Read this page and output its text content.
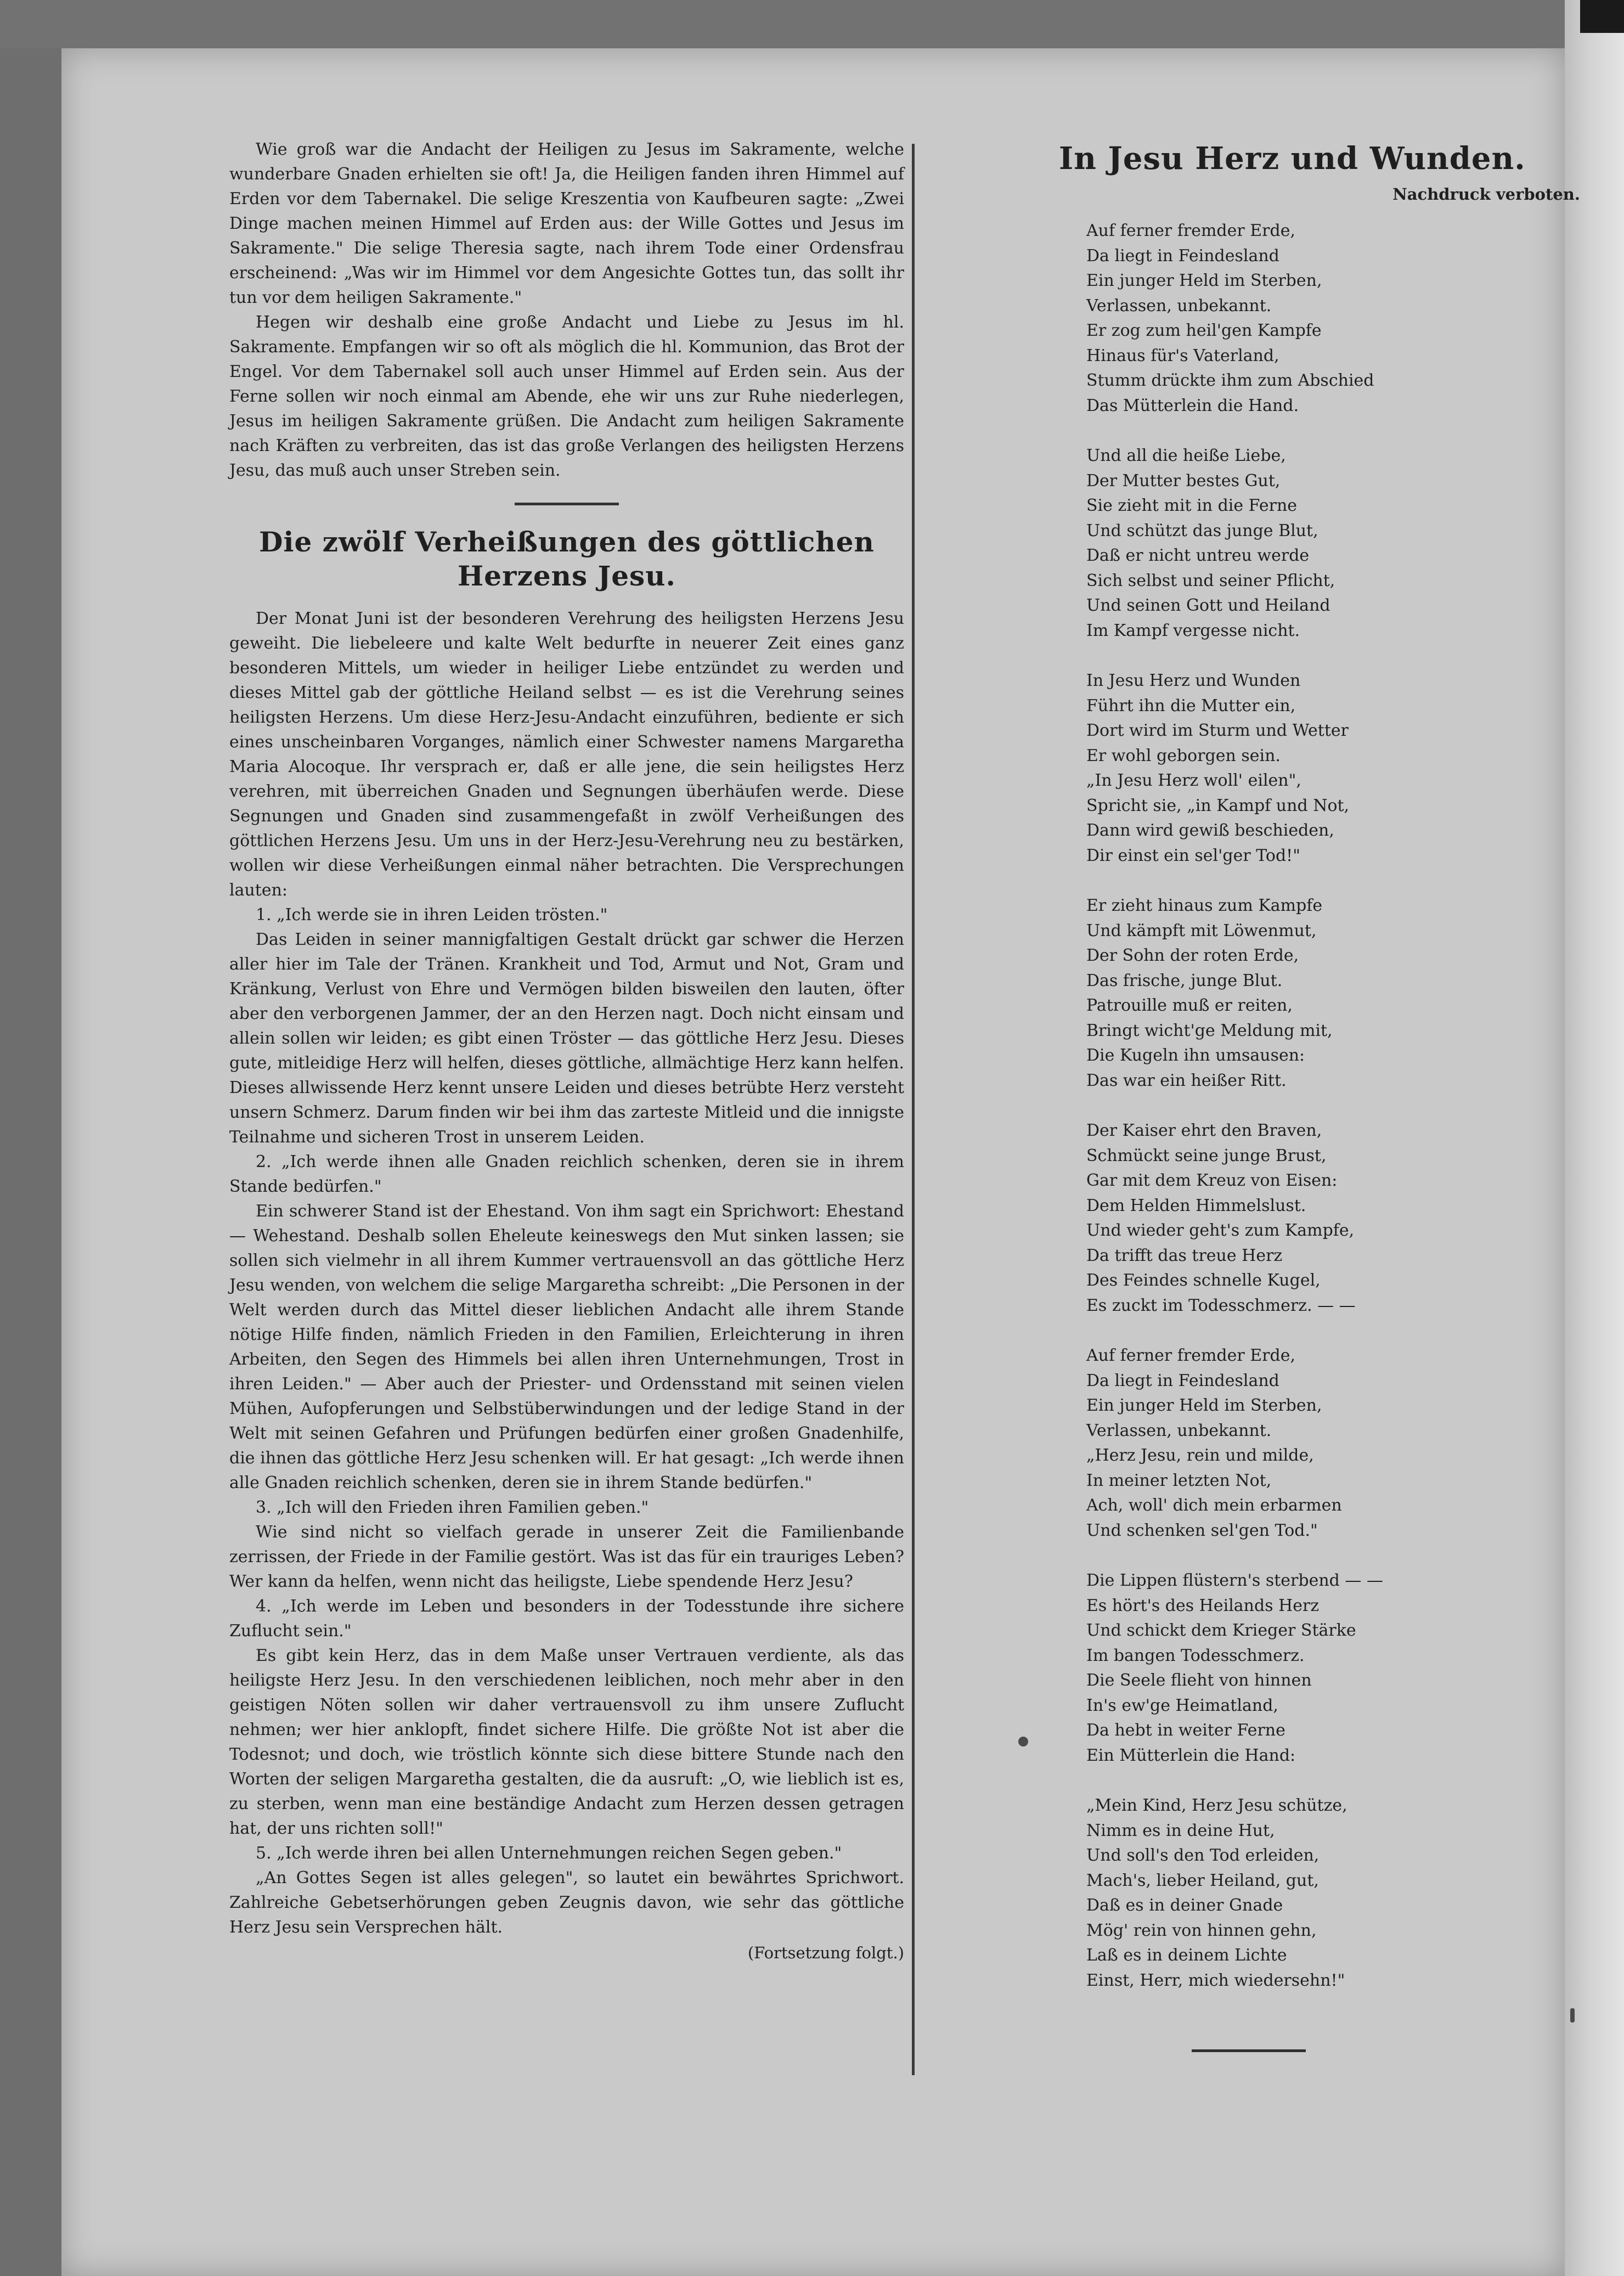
Wie groß war die Andacht der Heiligen zu Jesus im Sakramente, welche wunderbare Gnaden erhielten sie oft! Ja, die Heiligen fanden ihren Himmel auf Erden vor dem Tabernakel. Die selige Kreszentia von Kaufbeuren sagte: „Zwei Dinge machen meinen Himmel auf Erden aus: der Wille Gottes und Jesus im Sakramente." Die selige Theresia sagte, nach ihrem Tode einer Ordensfrau erscheinend: „Was wir im Himmel vor dem Angesichte Gottes tun, das sollt ihr tun vor dem heiligen Sakramente."

Hegen wir deshalb eine große Andacht und Liebe zu Jesus im hl. Sakramente. Empfangen wir so oft als möglich die hl. Kommunion, das Brot der Engel. Vor dem Tabernakel soll auch unser Himmel auf Erden sein. Aus der Ferne sollen wir noch einmal am Abende, ehe wir uns zur Ruhe niederlegen, Jesus im heiligen Sakramente grüßen. Die Andacht zum heiligen Sakramente nach Kräften zu verbreiten, das ist das große Verlangen des heiligsten Herzens Jesu, das muß auch unser Streben sein.

Die zwölf Verheißungen des göttlichen
Herzens Jesu.

Der Monat Juni ist der besonderen Verehrung des heiligsten Herzens Jesu geweiht. Die liebeleere und kalte Welt bedurfte in neuerer Zeit eines ganz besonderen Mittels, um wieder in heiliger Liebe entzündet zu werden und dieses Mittel gab der göttliche Heiland selbst — es ist die Verehrung seines heiligsten Herzens. Um diese Herz-Jesu-Andacht einzuführen, bediente er sich eines unscheinbaren Vorganges, nämlich einer Schwester namens Margaretha Maria Alocoque. Ihr versprach er, daß er alle jene, die sein heiligstes Herz verehren, mit überreichen Gnaden und Segnungen überhäufen werde. Diese Segnungen und Gnaden sind zusammengefaßt in zwölf Verheißungen des göttlichen Herzens Jesu. Um uns in der Herz-Jesu-Verehrung neu zu bestärken, wollen wir diese Verheißungen einmal näher betrachten. Die Versprechungen lauten:

1. „Ich werde sie in ihren Leiden trösten."

Das Leiden in seiner mannigfaltigen Gestalt drückt gar schwer die Herzen aller hier im Tale der Tränen. Krankheit und Tod, Armut und Not, Gram und Kränkung, Verlust von Ehre und Vermögen bilden bisweilen den lauten, öfter aber den verborgenen Jammer, der an den Herzen nagt. Doch nicht einsam und allein sollen wir leiden; es gibt einen Tröster — das göttliche Herz Jesu. Dieses gute, mitleidige Herz will helfen, dieses göttliche, allmächtige Herz kann helfen. Dieses allwissende Herz kennt unsere Leiden und dieses betrübte Herz versteht unsern Schmerz. Darum finden wir bei ihm das zarteste Mitleid und die innigste Teilnahme und sicheren Trost in unserem Leiden.

2. „Ich werde ihnen alle Gnaden reichlich schenken, deren sie in ihrem Stande bedürfen."

Ein schwerer Stand ist der Ehestand. Von ihm sagt ein Sprichwort: Ehestand — Wehestand. Deshalb sollen Eheleute keineswegs den Mut sinken lassen; sie sollen sich vielmehr in all ihrem Kummer vertrauensvoll an das göttliche Herz Jesu wenden, von welchem die selige Margaretha schreibt: „Die Personen in der Welt werden durch das Mittel dieser lieblichen Andacht alle ihrem Stande nötige Hilfe finden, nämlich Frieden in den Familien, Erleichterung in ihren Arbeiten, den Segen des Himmels bei allen ihren Unternehmungen, Trost in ihren Leiden." — Aber auch der Priester- und Ordensstand mit seinen vielen Mühen, Aufopferungen und Selbstüberwindungen und der ledige Stand in der Welt mit seinen Gefahren und Prüfungen bedürfen einer großen Gnadenhilfe, die ihnen das göttliche Herz Jesu schenken will. Er hat gesagt: „Ich werde ihnen alle Gnaden reichlich schenken, deren sie in ihrem Stande bedürfen."

3. „Ich will den Frieden ihren Familien geben."

Wie sind nicht so vielfach gerade in unserer Zeit die Familienbande zerrissen, der Friede in der Familie gestört. Was ist das für ein trauriges Leben? Wer kann da helfen, wenn nicht das heiligste, Liebe spendende Herz Jesu?

4. „Ich werde im Leben und besonders in der Todesstunde ihre sichere Zuflucht sein."

Es gibt kein Herz, das in dem Maße unser Vertrauen verdiente, als das heiligste Herz Jesu. In den verschiedenen leiblichen, noch mehr aber in den geistigen Nöten sollen wir daher vertrauensvoll zu ihm unsere Zuflucht nehmen; wer hier anklopft, findet sichere Hilfe. Die größte Not ist aber die Todesnot; und doch, wie tröstlich könnte sich diese bittere Stunde nach den Worten der seligen Margaretha gestalten, die da ausruft: „O, wie lieblich ist es, zu sterben, wenn man eine beständige Andacht zum Herzen dessen getragen hat, der uns richten soll!"

5. „Ich werde ihren bei allen Unternehmungen reichen Segen geben."

„An Gottes Segen ist alles gelegen", so lautet ein bewährtes Sprichwort. Zahlreiche Gebetserhörungen geben Zeugnis davon, wie sehr das göttliche Herz Jesu sein Versprechen hält.

(Fortsetzung folgt.)
In Jesu Herz und Wunden.
Nachdruck verboten.
Auf ferner fremder Erde,
Da liegt in Feindesland
Ein junger Held im Sterben,
Verlassen, unbekannt.
Er zog zum heil'gen Kampfe
Hinaus für's Vaterland,
Stumm drückte ihm zum Abschied
Das Mütterlein die Hand.
Und all die heiße Liebe,
Der Mutter bestes Gut,
Sie zieht mit in die Ferne
Und schützt das junge Blut,
Daß er nicht untreu werde
Sich selbst und seiner Pflicht,
Und seinen Gott und Heiland
Im Kampf vergesse nicht.
In Jesu Herz und Wunden
Führt ihn die Mutter ein,
Dort wird im Sturm und Wetter
Er wohl geborgen sein.
„In Jesu Herz woll' eilen",
Spricht sie, „in Kampf und Not,
Dann wird gewiß beschieden,
Dir einst ein sel'ger Tod!"
Er zieht hinaus zum Kampfe
Und kämpft mit Löwenmut,
Der Sohn der roten Erde,
Das frische, junge Blut.
Patrouille muß er reiten,
Bringt wicht'ge Meldung mit,
Die Kugeln ihn umsausen:
Das war ein heißer Ritt.
Der Kaiser ehrt den Braven,
Schmückt seine junge Brust,
Gar mit dem Kreuz von Eisen:
Dem Helden Himmelslust.
Und wieder geht's zum Kampfe,
Da trifft das treue Herz
Des Feindes schnelle Kugel,
Es zuckt im Todesschmerz. — —
Auf ferner fremder Erde,
Da liegt in Feindesland
Ein junger Held im Sterben,
Verlassen, unbekannt.
„Herz Jesu, rein und milde,
In meiner letzten Not,
Ach, woll' dich mein erbarmen
Und schenken sel'gen Tod."
Die Lippen flüstern's sterbend — —
Es hört's des Heilands Herz
Und schickt dem Krieger Stärke
Im bangen Todesschmerz.
Die Seele flieht von hinnen
In's ew'ge Heimatland,
Da hebt in weiter Ferne
Ein Mütterlein die Hand:
„Mein Kind, Herz Jesu schütze,
Nimm es in deine Hut,
Und soll's den Tod erleiden,
Mach's, lieber Heiland, gut,
Daß es in deiner Gnade
Mög' rein von hinnen gehn,
Laß es in deinem Lichte
Einst, Herr, mich wiedersehn!"
